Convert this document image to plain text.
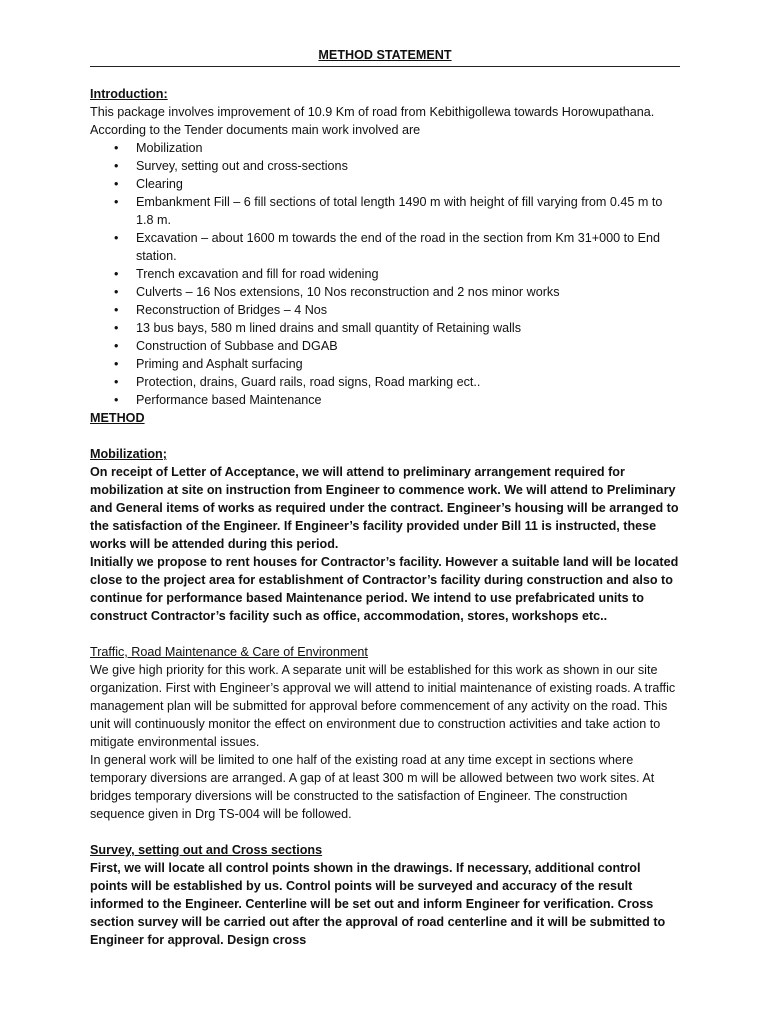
METHOD STATEMENT

Introduction:

This package involves improvement of 10.9 Km of road from Kebithigollewa towards Horowupathana. According to the Tender documents main work involved are

• Mobilization
• Survey, setting out and cross-sections
• Clearing
• Embankment Fill – 6 fill sections of total length 1490 m with height of fill varying from 0.45 m to 1.8 m.
• Excavation – about 1600 m towards the end of the road in the section from Km 31+000 to End station.
• Trench excavation and fill for road widening
• Culverts – 16 Nos extensions, 10 Nos reconstruction and 2 nos minor works
• Reconstruction of Bridges – 4 Nos
• 13 bus bays, 580 m lined drains and small quantity of Retaining walls
• Construction of Subbase and DGAB
• Priming and Asphalt surfacing
• Protection, drains, Guard rails, road signs, Road marking ect..
• Performance based Maintenance

METHOD

Mobilization;

On receipt of Letter of Acceptance, we will attend to preliminary arrangement required for mobilization at site on instruction from Engineer to commence work. We will attend to Preliminary and General items of works as required under the contract. Engineer’s housing will be arranged to the satisfaction of the Engineer. If Engineer’s facility provided under Bill 11 is instructed, these works will be attended during this period.

Initially we propose to rent houses for Contractor’s facility. However a suitable land will be located close to the project area for establishment of Contractor’s facility during construction and also to continue for performance based Maintenance period. We intend to use prefabricated units to construct Contractor’s facility such as office, accommodation, stores, workshops etc..

Traffic, Road Maintenance & Care of Environment

We give high priority for this work. A separate unit will be established for this work as shown in our site organization. First with Engineer’s approval we will attend to initial maintenance of existing roads. A traffic management plan will be submitted for approval before commencement of any activity on the road. This unit will continuously monitor the effect on environment due to construction activities and take action to mitigate environmental issues.

In general work will be limited to one half of the existing road at any time except in sections where temporary diversions are arranged. A gap of at least 300 m will be allowed between two work sites. At bridges temporary diversions will be constructed to the satisfaction of Engineer. The construction sequence given in Drg TS-004 will be followed.

Survey, setting out and Cross sections

First, we will locate all control points shown in the drawings. If necessary, additional control points will be established by us. Control points will be surveyed and accuracy of the result informed to the Engineer. Centerline will be set out and inform Engineer for verification. Cross section survey will be carried out after the approval of road centerline and it will be submitted to Engineer for approval. Design cross
